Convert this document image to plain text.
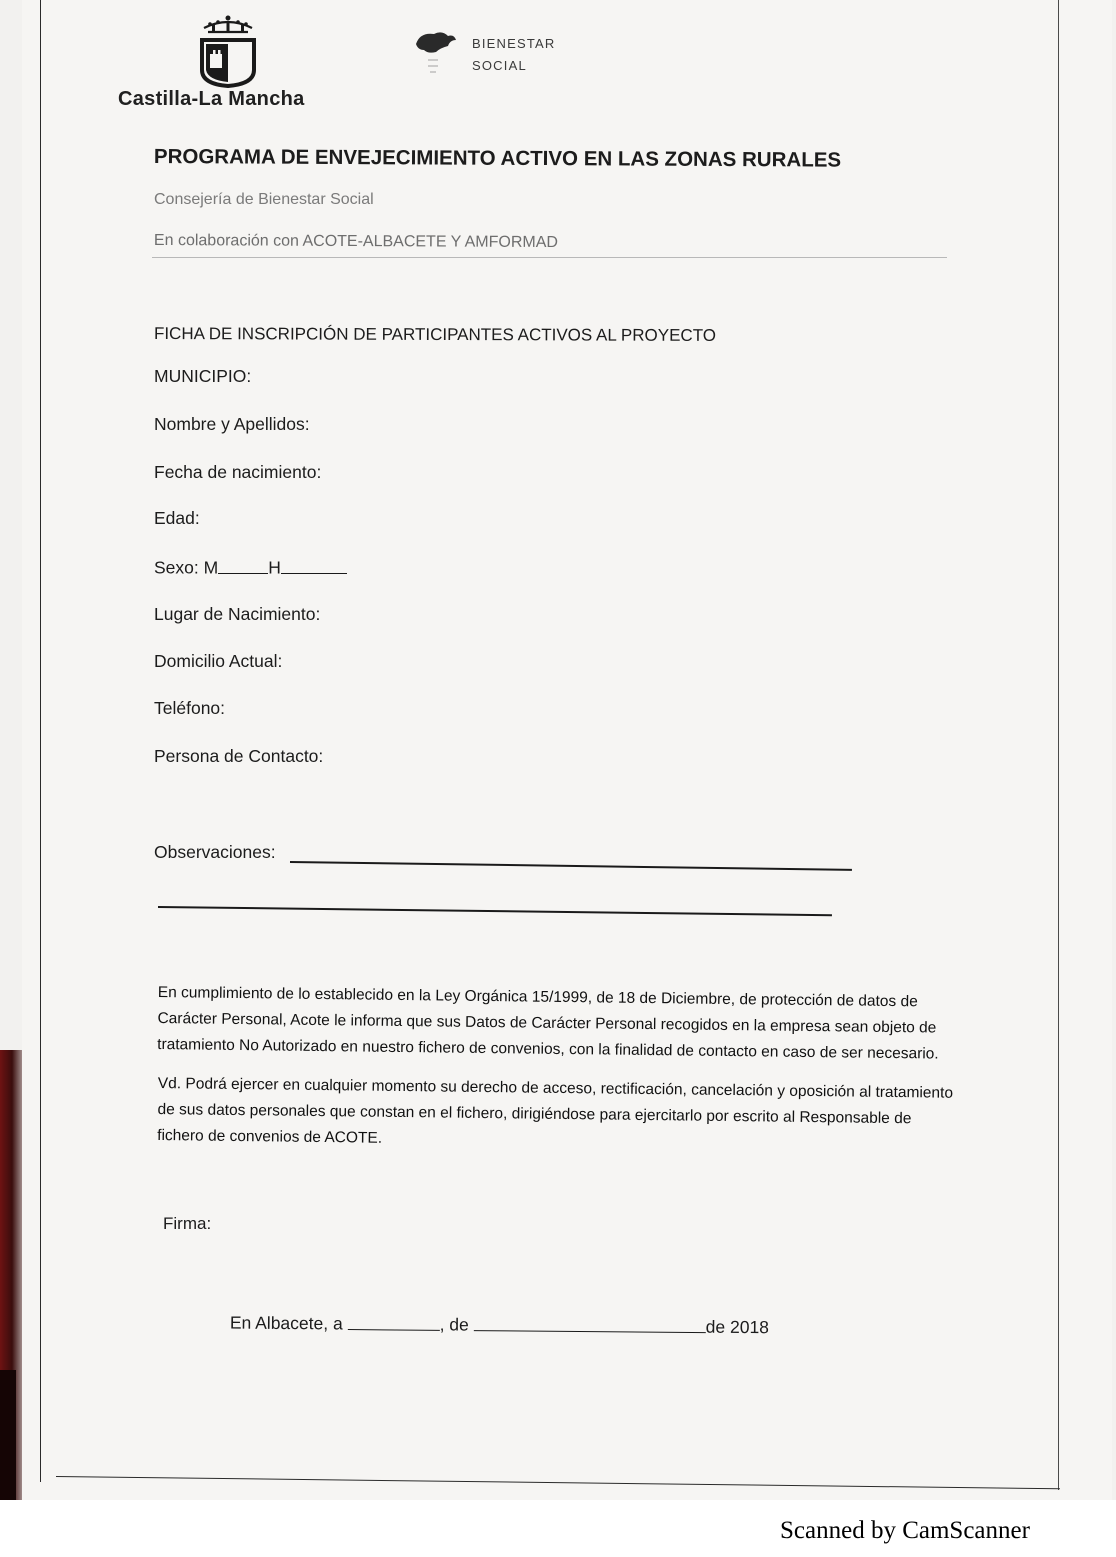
Castilla-La Mancha
BIENESTAR
SOCIAL
PROGRAMA DE ENVEJECIMIENTO ACTIVO EN LAS ZONAS RURALES
Consejería de Bienestar Social
En colaboración con ACOTE-ALBACETE Y AMFORMAD
FICHA DE INSCRIPCIÓN DE PARTICIPANTES ACTIVOS AL PROYECTO
MUNICIPIO:
Nombre y Apellidos:
Fecha de nacimiento:
Edad:
Sexo: M	H
Lugar de Nacimiento:
Domicilio Actual:
Teléfono:
Persona de Contacto:
Observaciones:
En cumplimiento de lo establecido en la Ley Orgánica 15/1999, de 18 de Diciembre, de protección de datos de Carácter Personal, Acote le informa que sus Datos de Carácter Personal recogidos en la empresa sean objeto de tratamiento No Autorizado en nuestro fichero de convenios, con la finalidad de contacto en caso de ser necesario.
Vd. Podrá ejercer en cualquier momento su derecho de acceso, rectificación, cancelación y oposición al tratamiento de sus datos personales que constan en el fichero, dirigiéndose para ejercitarlo por escrito al Responsable de fichero de convenios de ACOTE.
Firma:
En Albacete, a	, de	de 2018
Scanned by CamScanner
